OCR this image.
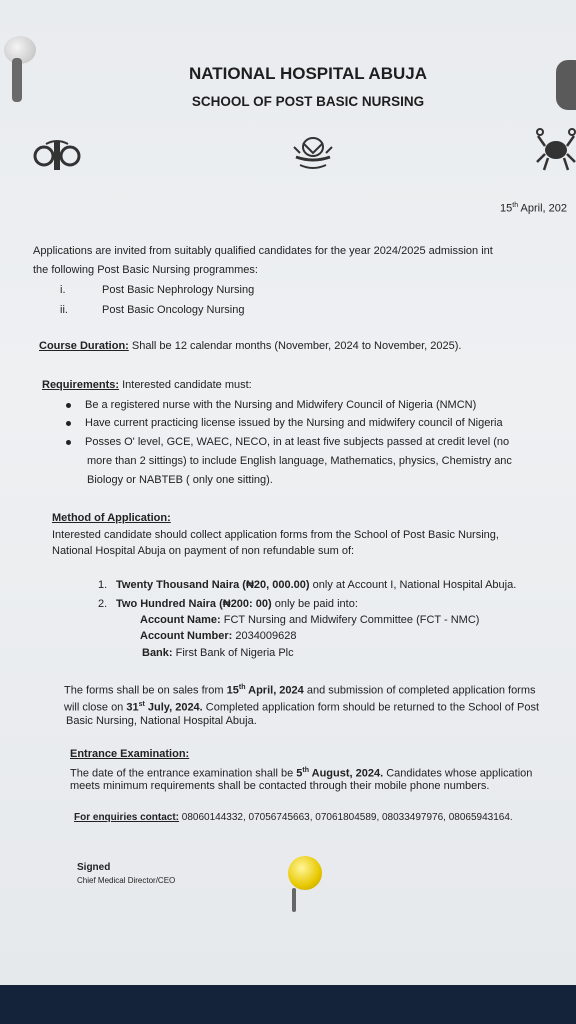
NATIONAL HOSPITAL ABUJA
SCHOOL OF POST BASIC NURSING
15th April, 202
Applications are invited from suitably qualified candidates for the year 2024/2025 admission int
the following Post Basic Nursing programmes:
i.	Post Basic Nephrology Nursing
ii.	Post Basic Oncology Nursing
Course Duration: Shall be 12 calendar months (November, 2024 to November, 2025).
Requirements: Interested candidate must:
Be a registered nurse with the Nursing and Midwifery Council of Nigeria (NMCN)
Have current practicing license issued by the Nursing and midwifery council of Nigeria
Posses O' level, GCE, WAEC, NECO, in at least five subjects passed at credit level (no
more than 2 sittings) to include English language, Mathematics, physics, Chemistry anc
Biology or NABTEB ( only one sitting).
Method of Application:
Interested candidate should collect application forms from the School of Post Basic Nursing,
National Hospital Abuja on payment of non refundable sum of:
1. Twenty Thousand Naira (₦20, 000.00) only at Account I, National Hospital Abuja.
2. Two Hundred Naira (₦200: 00) only be paid into:
Account Name: FCT Nursing and Midwifery Committee (FCT - NMC)
Account Number: 2034009628
Bank: First Bank of Nigeria Plc
The forms shall be on sales from 15th April, 2024 and submission of completed application forms
will close on 31st July, 2024. Completed application form should be returned to the School of Post
Basic Nursing, National Hospital Abuja.
Entrance Examination:
The date of the entrance examination shall be 5th August, 2024. Candidates whose application
meets minimum requirements shall be contacted through their mobile phone numbers.
For enquiries contact: 08060144332, 07056745663, 07061804589, 08033497976, 08065943164.
Signed
Chief Medical Director/CEO
